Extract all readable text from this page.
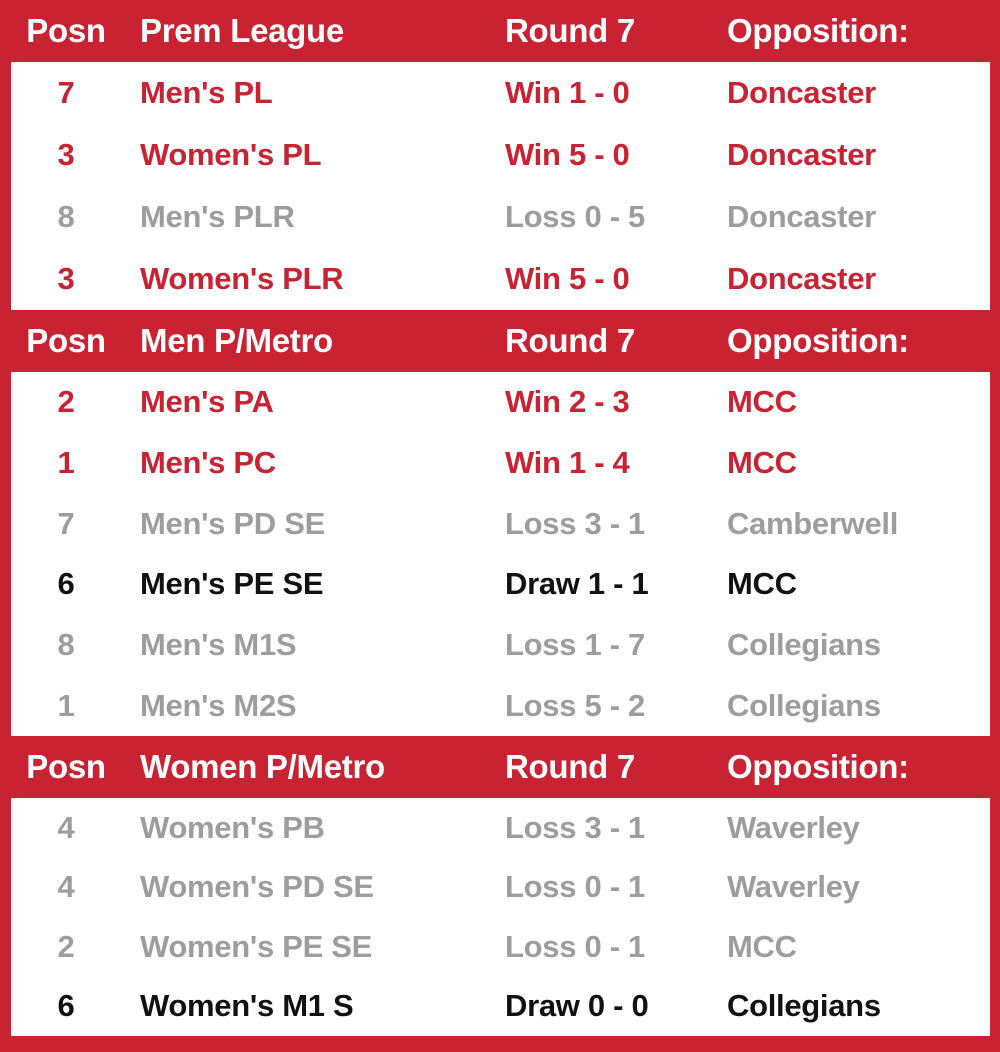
Posn	Prem League	Round 7	Opposition:
7	Men's PL	Win 1 - 0	Doncaster
3	Women's PL	Win 5 - 0	Doncaster
8	Men's PLR	Loss 0 - 5	Doncaster
3	Women's PLR	Win 5 - 0	Doncaster
Posn	Men P/Metro	Round 7	Opposition:
2	Men's PA	Win 2 - 3	MCC
1	Men's PC	Win 1 - 4	MCC
7	Men's PD SE	Loss 3 - 1	Camberwell
6	Men's PE SE	Draw 1 - 1	MCC
8	Men's M1S	Loss 1 - 7	Collegians
1	Men's M2S	Loss 5 - 2	Collegians
Posn	Women P/Metro	Round 7	Opposition:
4	Women's PB	Loss 3 - 1	Waverley
4	Women's PD SE	Loss 0 - 1	Waverley
2	Women's PE SE	Loss 0 - 1	MCC
6	Women's M1 S	Draw 0 - 0	Collegians
